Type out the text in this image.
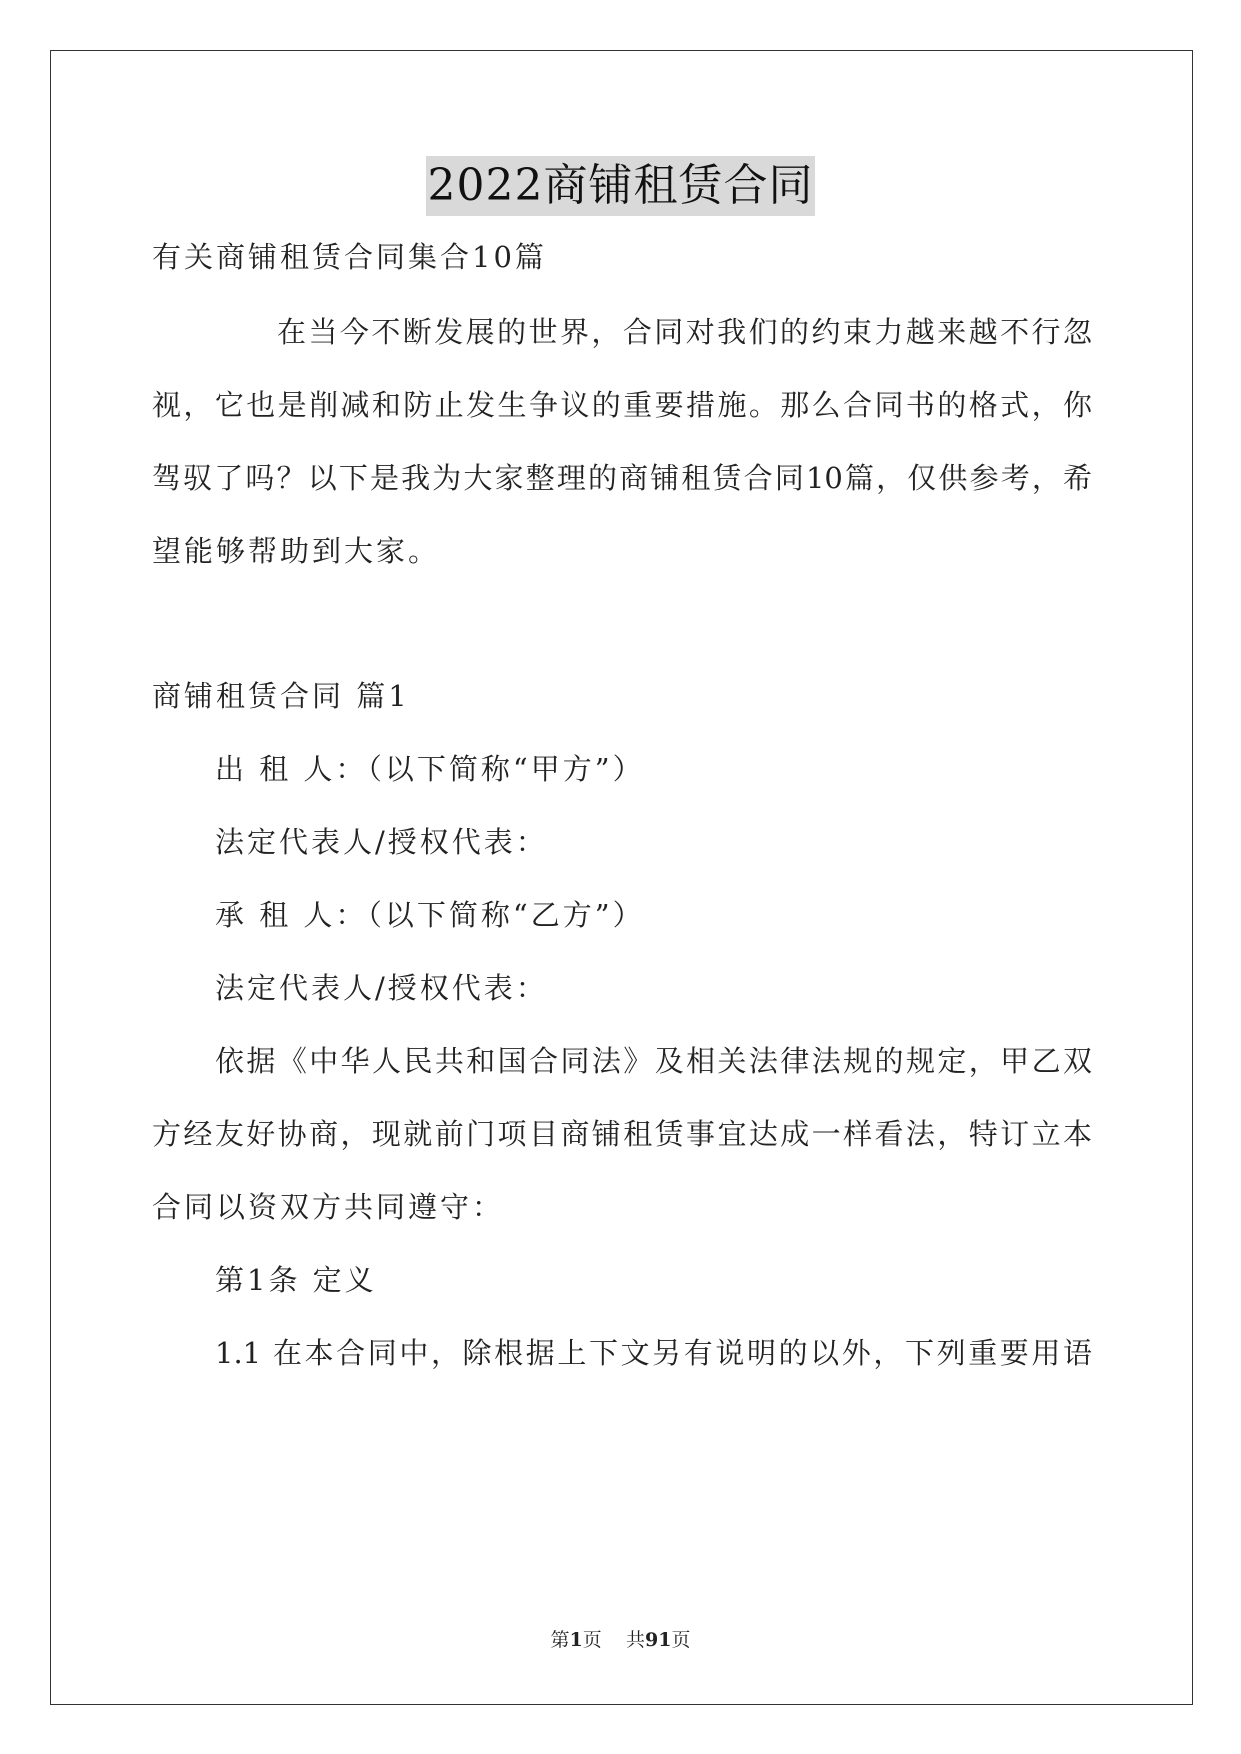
2022商铺租赁合同
有关商铺租赁合同集合10篇
在当今不断发展的世界，合同对我们的约束力越来越不行忽
视，它也是削减和防止发生争议的重要措施。那么合同书的格式，你
驾驭了吗？以下是我为大家整理的商铺租赁合同10篇，仅供参考，希
望能够帮助到大家。
商铺租赁合同 篇1
出 租 人：（以下简称“甲方”）
法定代表人/授权代表：
承 租 人：（以下简称“乙方”）
法定代表人/授权代表：
依据《中华人民共和国合同法》及相关法律法规的规定，甲乙双
方经友好协商，现就前门项目商铺租赁事宜达成一样看法，特订立本
合同以资双方共同遵守：
第1条 定义
1.1 在本合同中，除根据上下文另有说明的以外，下列重要用语
第1页 共91页
